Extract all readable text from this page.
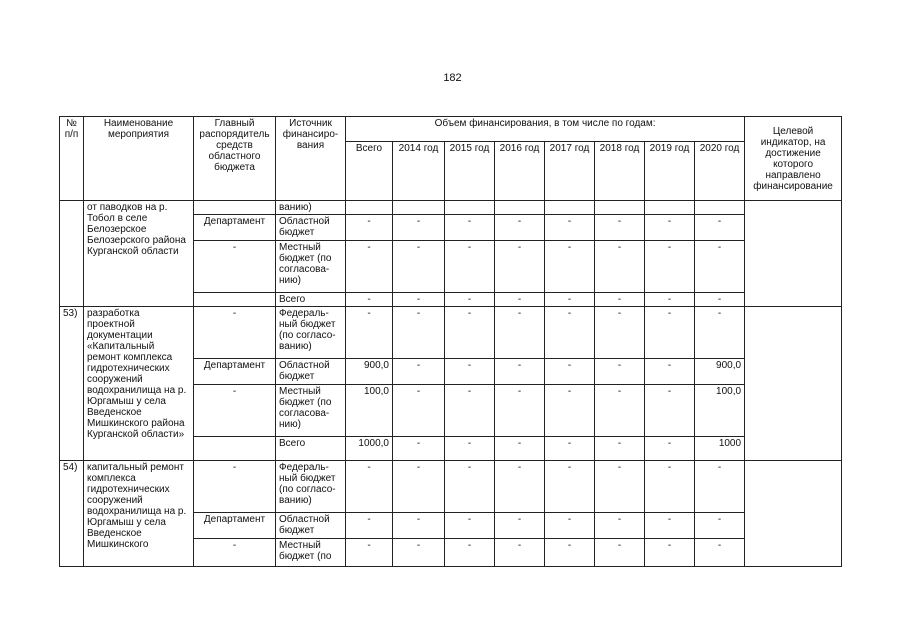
182
№ п/п	Наименование мероприятия	Главный распорядитель средств областного бюджета	Источник финансиро-вания	Объем финансирования, в том числе по годам:								Целевой индикатор, на достижение которого направлено финансирование
				Всего	2014 год	2015 год	2016 год	2017 год	2018 год	2019 год	2020 год	
	от паводков на р. Тобол в селе Белозерское Белозерского района Курганской области		ванию)									
		Департамент	Областной бюджет	-	-	-	-	-	-	-	-	
		-	Местный бюджет (по согласова-нию)	-	-	-	-	-	-	-	-	
			Всего	-	-	-	-	-	-	-	-	
53)	разработка проектной документации «Капитальный ремонт комплекса гидротехнических сооружений водохранилища на р. Юргамыш у села Введенское Мишкинского района Курганской области»	-	Федераль-ный бюджет (по согласо-ванию)	-	-	-	-	-	-	-	-	
		Департамент	Областной бюджет	900,0	-	-	-	-	-	-	900,0	
		-	Местный бюджет (по согласова-нию)	100,0	-	-	-	-	-	-	100,0	
			Всего	1000,0	-	-	-	-	-	-	1000	
54)	капитальный ремонт комплекса гидротехнических сооружений водохранилища на р. Юргамыш у села Введенское Мишкинского	-	Федераль-ный бюджет (по согласо-ванию)	-	-	-	-	-	-	-	-	
		Департамент	Областной бюджет	-	-	-	-	-	-	-	-	
		-	Местный бюджет (по	-	-	-	-	-	-	-	-	
